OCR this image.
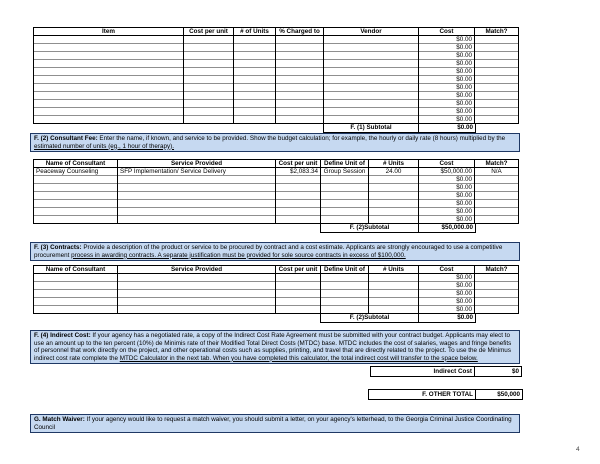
Item	Cost per unit	# of Units	% Charged to	Vendor	Cost	Match?
					$0.00	
					$0.00	
					$0.00	
					$0.00	
					$0.00	
					$0.00	
					$0.00	
					$0.00	
					$0.00	
					$0.00	
					$0.00	
F. (1) Subtotal	$0.00
F. (2) Consultant Fee: Enter the name, if known, and service to be provided. Show the budget calculation; for example, the hourly or daily rate (8 hours) multiplied by the estimated number of units (eg., 1 hour of therapy).
Name of Consultant	Service Provided	Cost per unit	Define Unit of	# Units	Cost	Match?
Peaceway Counseling	SFP Implementation/ Service Delivery	$2,083.34	Group Session	24.00	$50,000.00	N/A
					$0.00	
					$0.00	
					$0.00	
					$0.00	
					$0.00	
					$0.00	
F. (2)Subtotal	$50,000.00
F. (3) Contracts: Provide a description of the product or service to be procured by contract and a cost estimate. Applicants are strongly encouraged to use a competitive procurement process in awarding contracts. A separate justification must be provided for sole source contracts in excess of $100,000.
Name of Consultant	Service Provided	Cost per unit	Define Unit of	# Units	Cost	Match?
					$0.00	
					$0.00	
					$0.00	
					$0.00	
					$0.00	
F. (2)Subtotal	$0.00
F. (4) Indirect Cost: If your agency has a negotiated rate, a copy of the Indirect Cost Rate Agreement must be submitted with your contract budget. Applicants may elect to use an amount up to the ten percent (10%) de Minimis rate of their Modified Total Direct Costs (MTDC) base. MTDC includes the cost of salaries, wages and fringe benefits of personnel that work directly on the project, and other operational costs such as supplies, printing, and travel that are directly related to the project. To use the de Minimus indirect cost rate complete the MTDC Calculator in the next tab. When you have completed this calculator, the total indirect cost will transfer to the space below.
Indirect Cost	$0
F. OTHER TOTAL	$50,000
G. Match Waiver: If your agency would like to request a match waiver, you should submit a letter, on your agency's letterhead, to the Georgia Criminal Justice Coordinating Council
4
